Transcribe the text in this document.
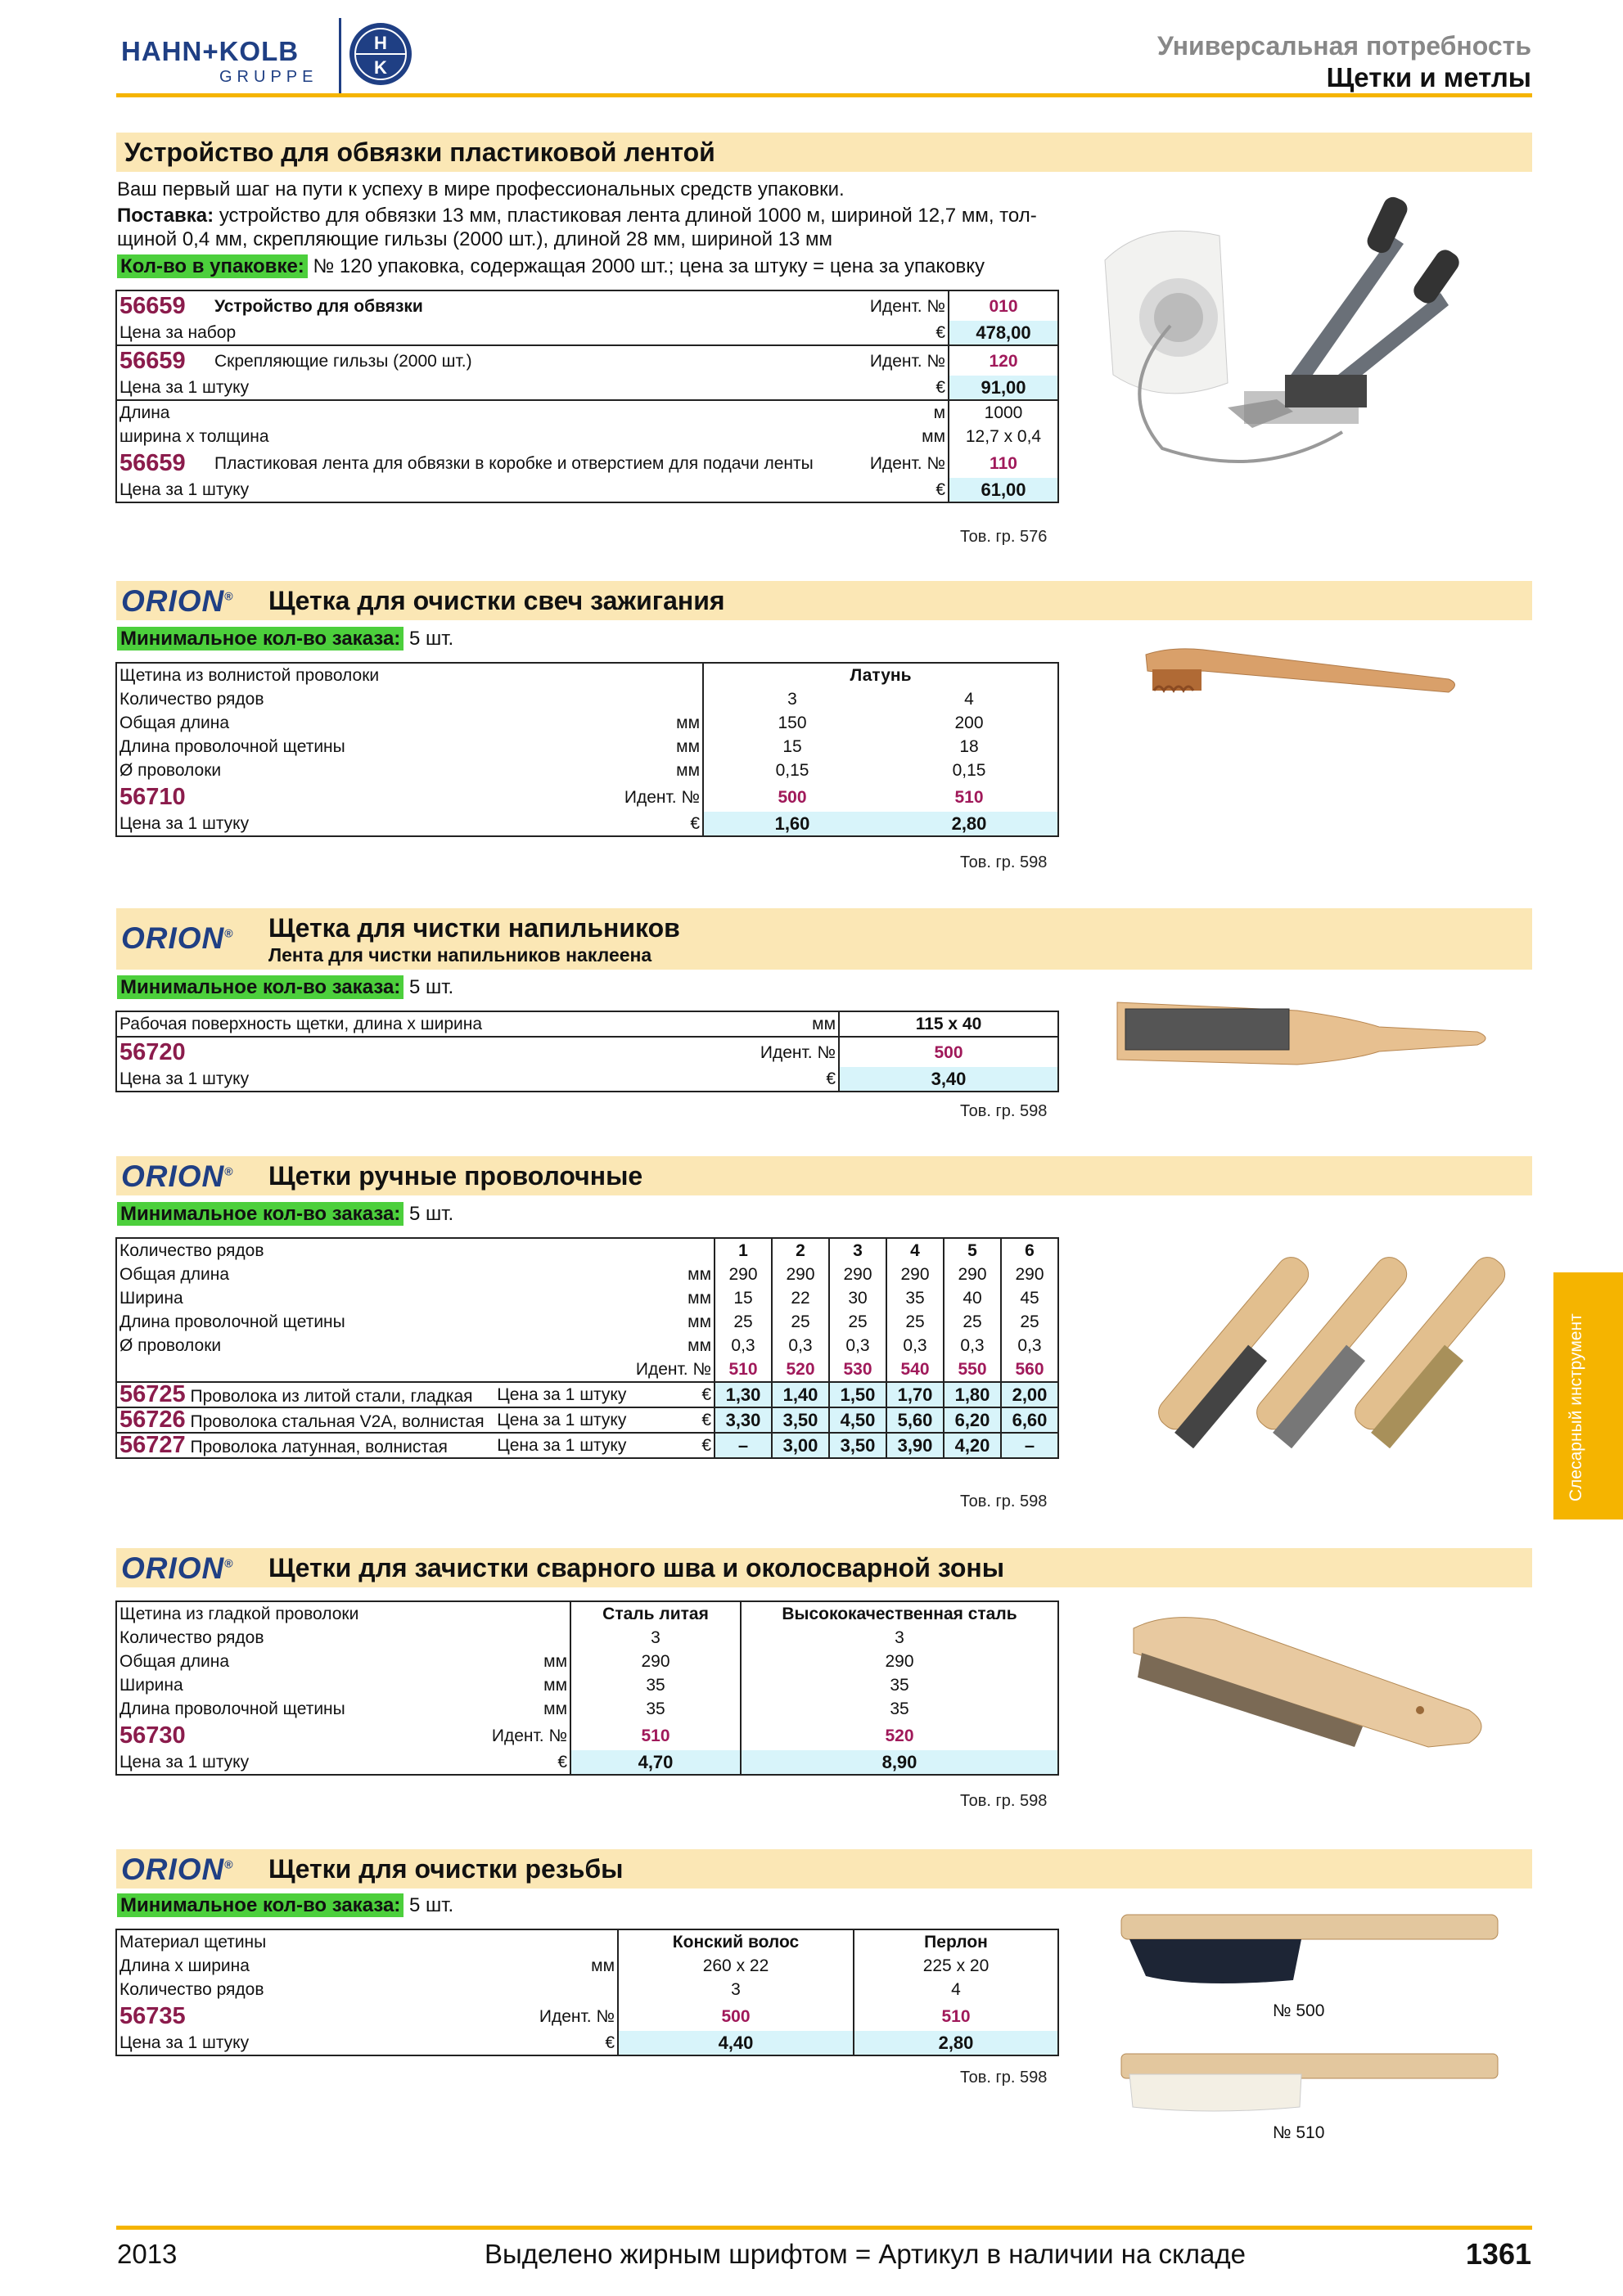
HAHN+KOLB
GRUPPE
H
K
Универсальная потребность
Щетки и метлы
Устройство для обвязки пластиковой лентой
Ваш первый шаг на пути к успеху в мире профессиональных средств упаковки.
Поставка: устройство для обвязки 13 мм, пластиковая лента длиной 1000 м, шириной 12,7 мм, тол-
щиной 0,4 мм, скрепляющие гильзы (2000 шт.), длиной 28 мм, шириной 13 мм
Кол-во в упаковке: № 120 упаковка, содержащая 2000 шт.; цена за штуку = цена за упаковку
56659	Устройство для обвязки	Идент. №	010
Цена за набор		€	478,00
56659	Скрепляющие гильзы (2000 шт.)	Идент. №	120
Цена за 1 штуку		€	91,00
Длина		м	1000
ширина x толщина		мм	12,7 x 0,4
56659	Пластиковая лента для обвязки в коробке и отверстием для подачи ленты	Идент. №	110
Цена за 1 штуку		€	61,00
Тов. гр. 576
ORION® Щетка для очистки свеч зажигания
Минимальное кол-во заказа: 5 шт.
Щетина из волнистой проволоки		Латунь	
Количество рядов		3	4
Общая длина	мм	150	200
Длина проволочной щетины	мм	15	18
Ø проволоки	мм	0,15	0,15
56710	Идент. №	500	510
Цена за 1 штуку	€	1,60	2,80
Тов. гр. 598
ORION® Щетка для чистки напильников
Лента для чистки напильников наклеена
Минимальное кол-во заказа: 5 шт.
Рабочая поверхность щетки, длина x ширина	мм	115 x 40
56720	Идент. №	500
Цена за 1 штуку	€	3,40
Тов. гр. 598
ORION® Щетки ручные проволочные
Минимальное кол-во заказа: 5 шт.
Количество рядов			1	2	3	4	5	6
Общая длина		мм	290	290	290	290	290	290
Ширина		мм	15	22	30	35	40	45
Длина проволочной щетины		мм	25	25	25	25	25	25
Ø проволоки		мм	0,3	0,3	0,3	0,3	0,3	0,3
		Идент. №	510	520	530	540	550	560
56725 Проволока из литой стали, гладкая	Цена за 1 штуку	€	1,30	1,40	1,50	1,70	1,80	2,00
56726 Проволока стальная V2A, волнистая	Цена за 1 штуку	€	3,30	3,50	4,50	5,60	6,20	6,60
56727 Проволока латунная, волнистая	Цена за 1 штуку	€	–	3,00	3,50	3,90	4,20	–
Тов. гр. 598
ORION® Щетки для зачистки сварного шва и околосварной зоны
Щетина из гладкой проволоки		Сталь литая	Высококачественная сталь
Количество рядов		3	3
Общая длина	мм	290	290
Ширина	мм	35	35
Длина проволочной щетины	мм	35	35
56730	Идент. №	510	520
Цена за 1 штуку	€	4,70	8,90
Тов. гр. 598
ORION® Щетки для очистки резьбы
Минимальное кол-во заказа: 5 шт.
Материал щетины		Конский волос	Перлон
Длина x ширина	мм	260 x 22	225 x 20
Количество рядов		3	4
56735	Идент. №	500	510
Цена за 1 штуку	€	4,40	2,80
Тов. гр. 598
№ 500
№ 510
Слесарный инструмент
2013	Выделено жирным шрифтом = Артикул в наличии на складе	1361
